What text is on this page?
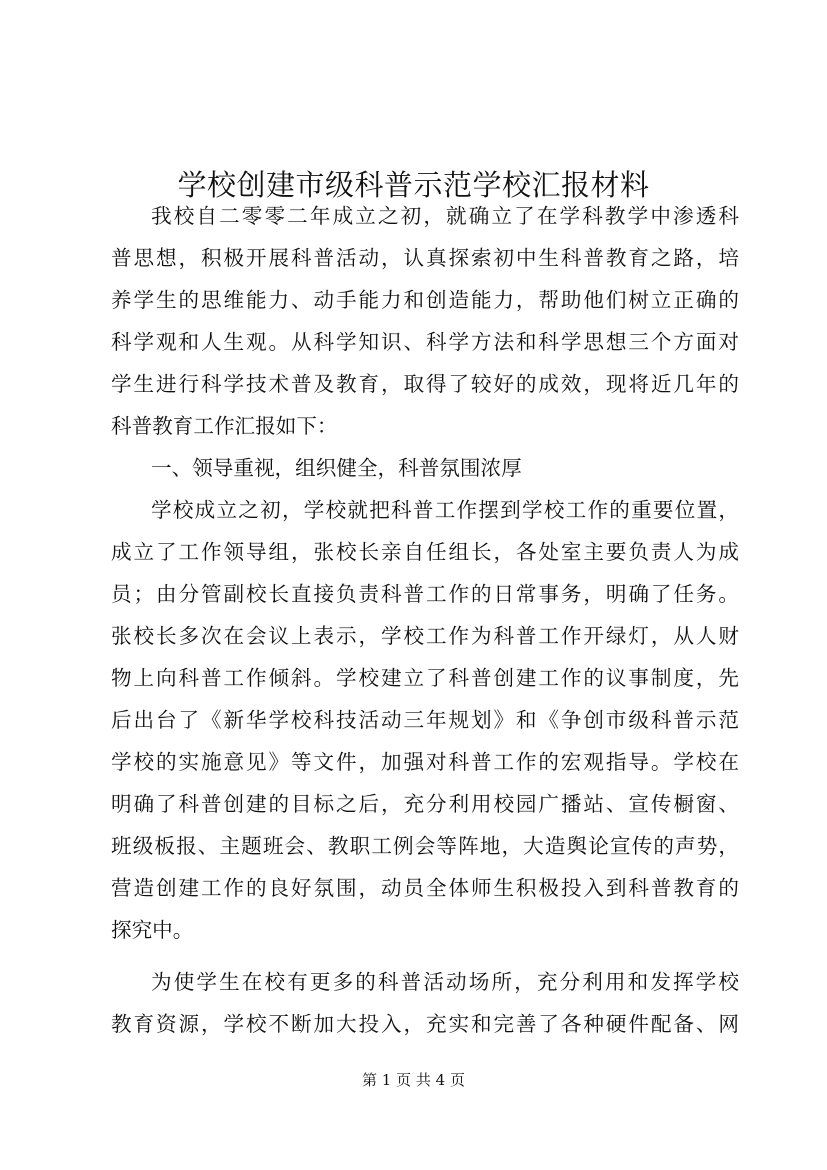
学校创建市级科普示范学校汇报材料
我校自二零零二年成立之初，就确立了在学科教学中渗透科
普思想，积极开展科普活动，认真探索初中生科普教育之路，培
养学生的思维能力、动手能力和创造能力，帮助他们树立正确的
科学观和人生观。从科学知识、科学方法和科学思想三个方面对
学生进行科学技术普及教育，取得了较好的成效，现将近几年的
科普教育工作汇报如下：
一、领导重视，组织健全，科普氛围浓厚
学校成立之初，学校就把科普工作摆到学校工作的重要位置，
成立了工作领导组，张校长亲自任组长，各处室主要负责人为成
员；由分管副校长直接负责科普工作的日常事务，明确了任务。
张校长多次在会议上表示，学校工作为科普工作开绿灯，从人财
物上向科普工作倾斜。学校建立了科普创建工作的议事制度，先
后出台了《新华学校科技活动三年规划》和《争创市级科普示范
学校的实施意见》等文件，加强对科普工作的宏观指导。学校在
明确了科普创建的目标之后，充分利用校园广播站、宣传橱窗、
班级板报、主题班会、教职工例会等阵地，大造舆论宣传的声势，
营造创建工作的良好氛围，动员全体师生积极投入到科普教育的
探究中。
为使学生在校有更多的科普活动场所，充分利用和发挥学校
教育资源，学校不断加大投入，充实和完善了各种硬件配备、网
第 1 页 共 4 页
